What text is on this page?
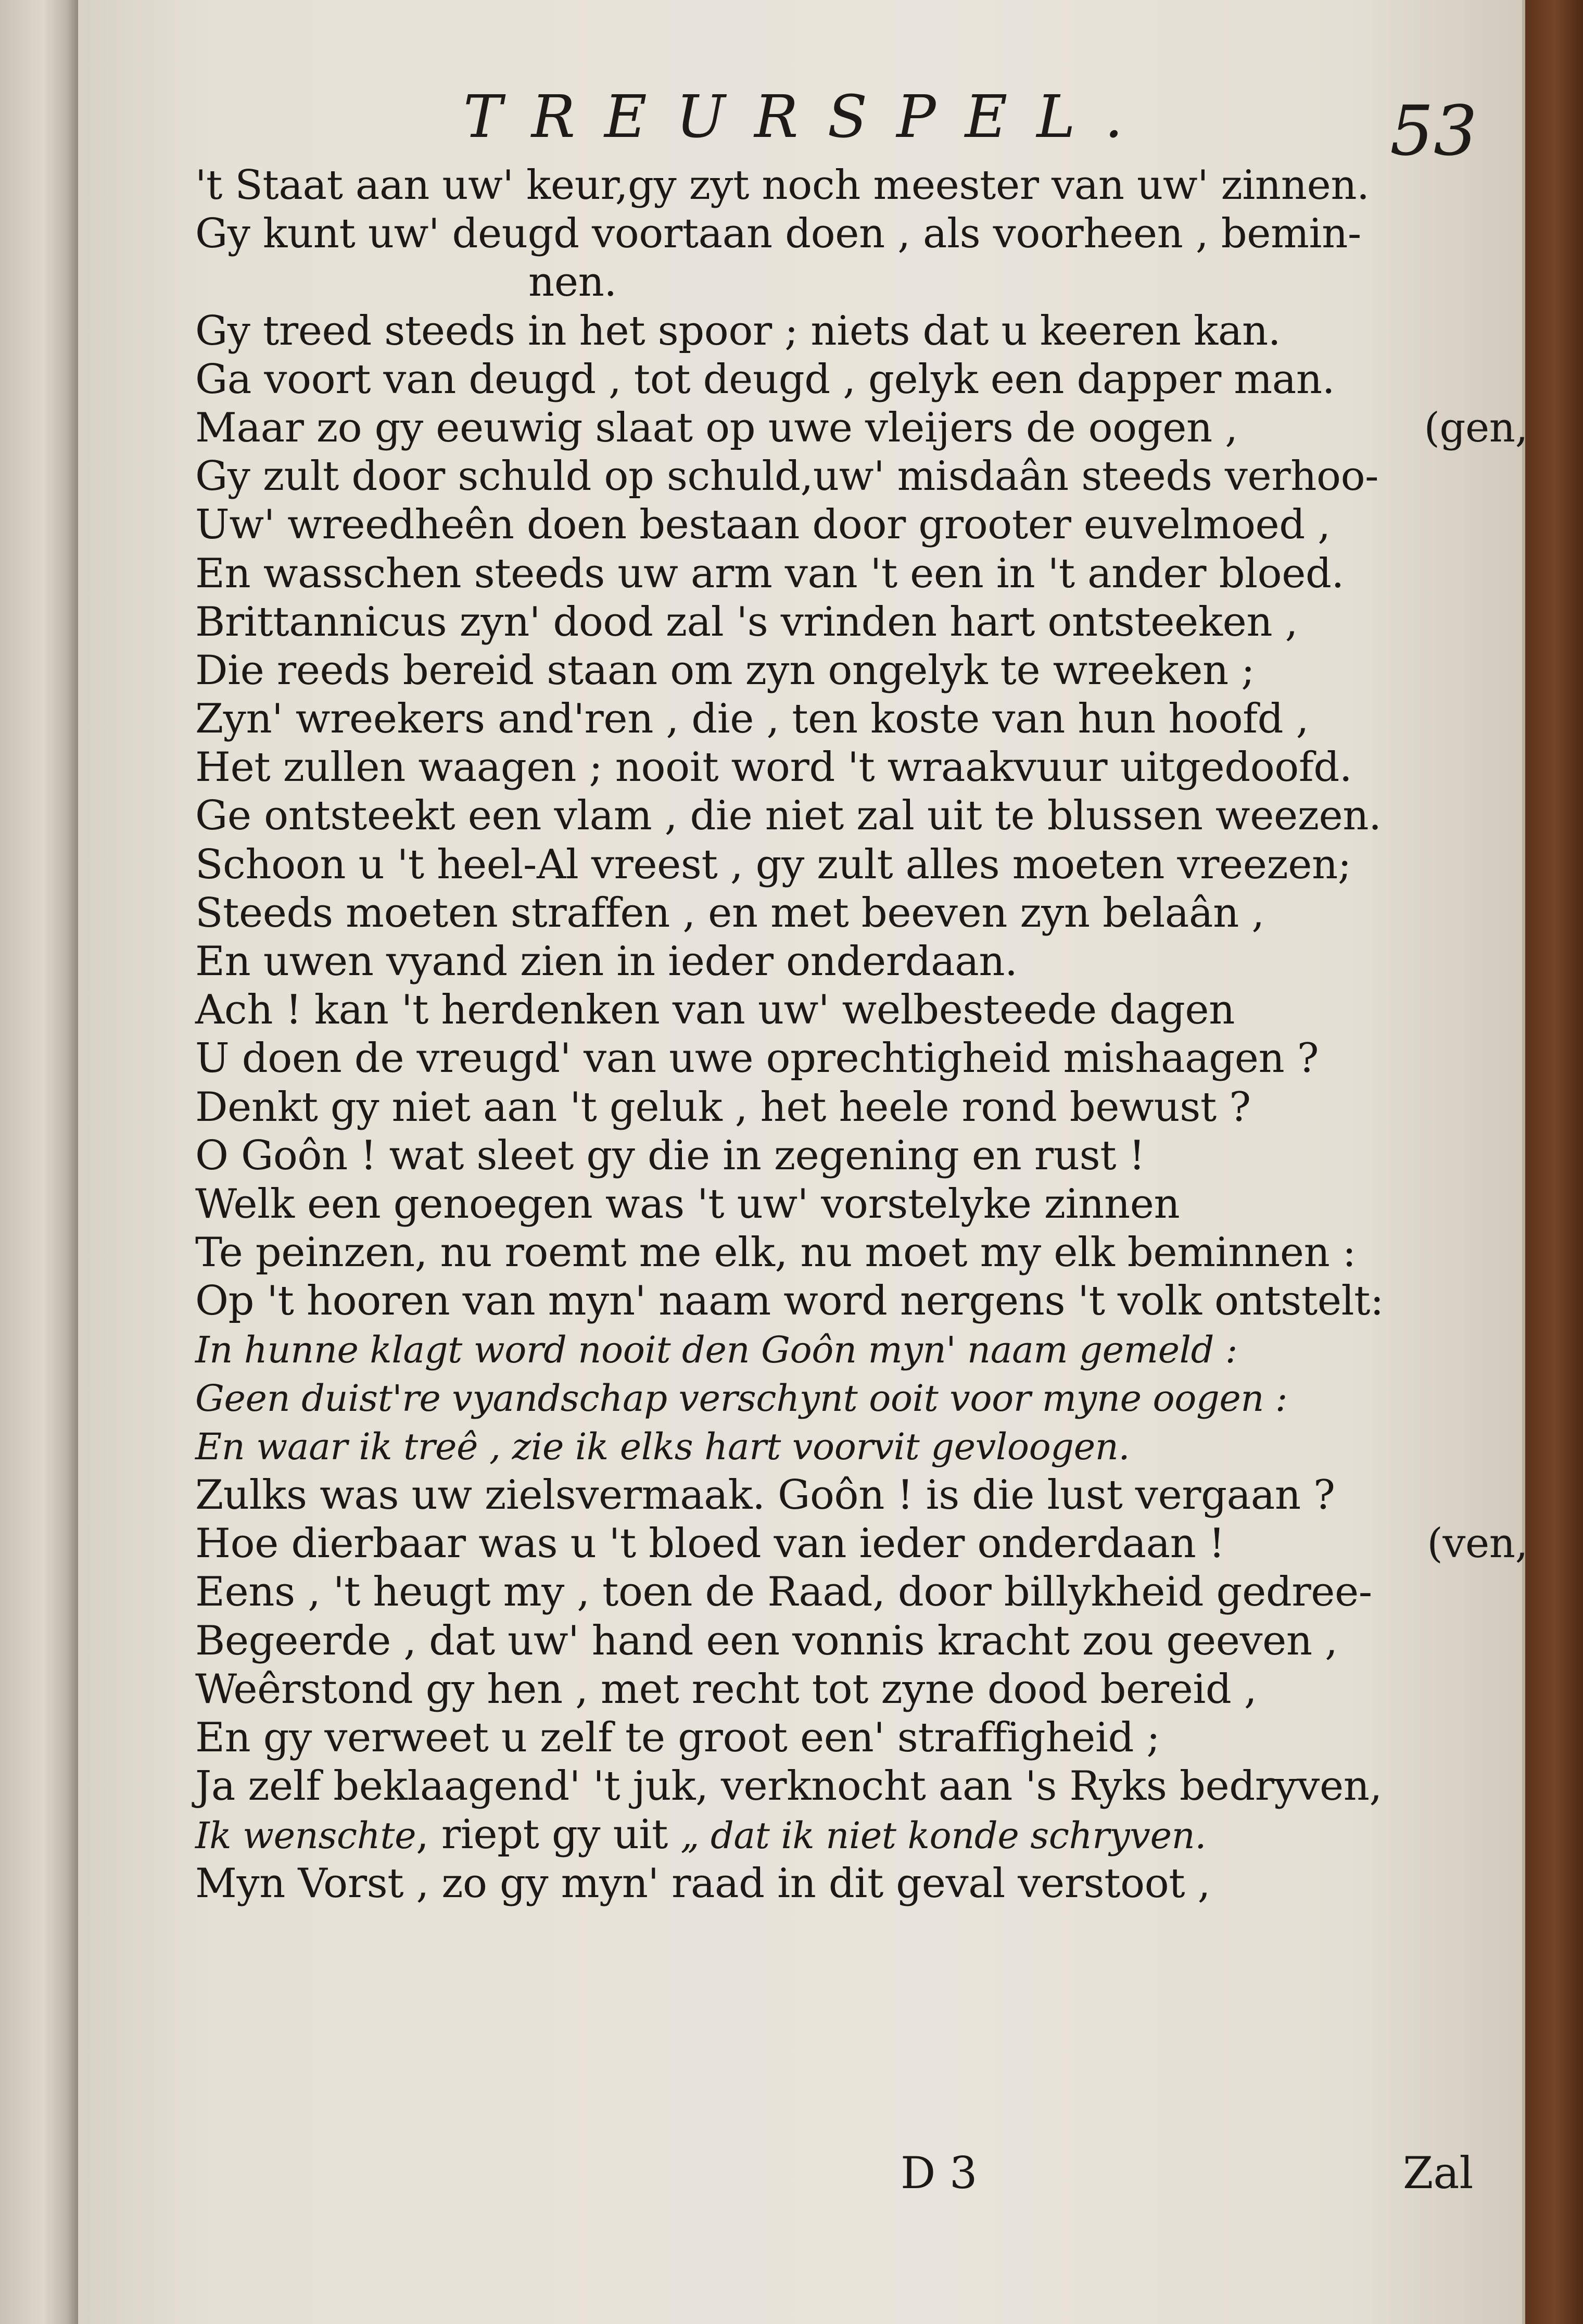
TREURSPEL.	53
't Staat aan uw' keur,gy zyt noch meester van uw' zinnen.
Gy kunt uw' deugd voortaan doen , als voorheen , bemin-
nen.
Gy treed steeds in het spoor ; niets dat u keeren kan.
Ga voort van deugd , tot deugd , gelyk een dapper man.
Maar zo gy eeuwig slaat op uwe vleijers de oogen ,	(gen,
Gy zult door schuld op schuld,uw' misdaân steeds verhoo-
Uw' wreedheên doen bestaan door grooter euvelmoed ,
En wasschen steeds uw arm van 't een in 't ander bloed.
Brittannicus zyn' dood zal 's vrinden hart ontsteeken ,
Die reeds bereid staan om zyn ongelyk te wreeken ;
Zyn' wreekers and'ren , die , ten koste van hun hoofd ,
Het zullen waagen ; nooit word 't wraakvuur uitgedoofd.
Ge ontsteekt een vlam , die niet zal uit te blussen weezen.
Schoon u 't heel-Al vreest , gy zult alles moeten vreezen;
Steeds moeten straffen , en met beeven zyn belaân ,
En uwen vyand zien in ieder onderdaan.
Ach ! kan 't herdenken van uw' welbesteede dagen
U doen de vreugd' van uwe oprechtigheid mishaagen ?
Denkt gy niet aan 't geluk , het heele rond bewust ?
O Goôn ! wat sleet gy die in zegening en rust !
Welk een genoegen was 't uw' vorstelyke zinnen
Te peinzen, nu roemt me elk, nu moet my elk beminnen :
Op 't hooren van myn' naam word nergens 't volk ontstelt:
In hunne klagt word nooit den Goôn myn' naam gemeld :
Geen duist're vyandschap verschynt ooit voor myne oogen :
En waar ik treê , zie ik elks hart voorvit gevloogen.
Zulks was uw zielsvermaak. Goôn ! is die lust vergaan ?
Hoe dierbaar was u 't bloed van ieder onderdaan !	(ven,
Eens , 't heugt my , toen de Raad, door billykheid gedree-
Begeerde , dat uw' hand een vonnis kracht zou geeven ,
Weêrstond gy hen , met recht tot zyne dood bereid ,
En gy verweet u zelf te groot een' straffigheid ;
Ja zelf beklaagend' 't juk, verknocht aan 's Ryks bedryven,
Ik wenschte, riept gy uit „ dat ik niet konde schryven.
Myn Vorst , zo gy myn' raad in dit geval verstoot ,
D 3	Zal
